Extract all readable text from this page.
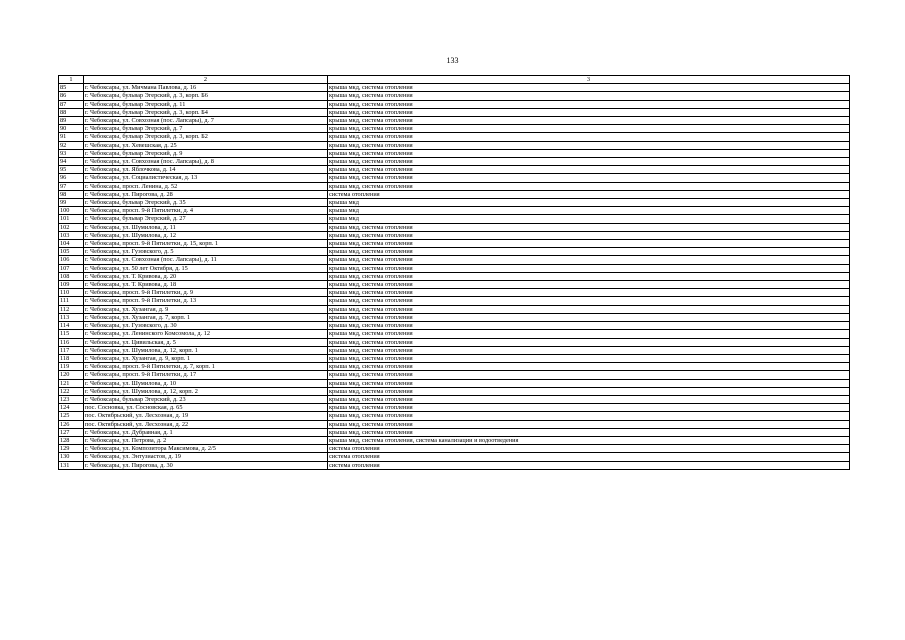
133
1	2	3
85	г. Чебоксары, ул. Мичмана Павлова, д. 16	крыша мкд, система отопления
86	г. Чебоксары, бульвар Эгерский, д. 3, корп. Б6	крыша мкд, система отопления
87	г. Чебоксары, бульвар Эгерский, д. 11	крыша мкд, система отопления
88	г. Чебоксары, бульвар Эгерский, д. 3, корп. Б4	крыша мкд, система отопления
89	г. Чебоксары, ул. Совхозная (пос. Лапсары), д. 7	крыша мкд, система отопления
90	г. Чебоксары, бульвар Эгерский, д. 7	крыша мкд, система отопления
91	г. Чебоксары, бульвар Эгерский, д. 3, корп. Б2	крыша мкд, система отопления
92	г. Чебоксары, ул. Хевешская, д. 25	крыша мкд, система отопления
93	г. Чебоксары, бульвар Эгерский, д. 9	крыша мкд, система отопления
94	г. Чебоксары, ул. Совхозная (пос. Лапсары), д. 8	крыша мкд, система отопления
95	г. Чебоксары, ул. Яблочкова, д. 14	крыша мкд, система отопления
96	г. Чебоксары, ул. Социалистическая, д. 13	крыша мкд, система отопления
97	г. Чебоксары, просп. Ленина, д. 52	крыша мкд, система отопления
98	г. Чебоксары, ул. Пирогова, д. 28	система отопления
99	г. Чебоксары, бульвар Эгерский, д. 35	крыша мкд
100	г. Чебоксары, просп. 9-й Пятилетки, д. 4	крыша мкд
101	г. Чебоксары, бульвар Эгерский, д. 27	крыша мкд
102	г. Чебоксары, ул. Шумилова, д. 11	крыша мкд, система отопления
103	г. Чебоксары, ул. Шумилова, д. 12	крыша мкд, система отопления
104	г. Чебоксары, просп. 9-й Пятилетки, д. 15, корп. 1	крыша мкд, система отопления
105	г. Чебоксары, ул. Гузовского, д. 5	крыша мкд, система отопления
106	г. Чебоксары, ул. Совхозная (пос. Лапсары), д. 11	крыша мкд, система отопления
107	г. Чебоксары, ул. 50 лет Октября, д. 15	крыша мкд, система отопления
108	г. Чебоксары, ул. Т. Кривова, д. 20	крыша мкд, система отопления
109	г. Чебоксары, ул. Т. Кривова, д. 18	крыша мкд, система отопления
110	г. Чебоксары, просп. 9-й Пятилетки, д. 9	крыша мкд, система отопления
111	г. Чебоксары, просп. 9-й Пятилетки, д. 13	крыша мкд, система отопления
112	г. Чебоксары, ул. Хузангая, д. 9	крыша мкд, система отопления
113	г. Чебоксары, ул. Хузангая, д. 7, корп. 1	крыша мкд, система отопления
114	г. Чебоксары, ул. Гузовского, д. 30	крыша мкд, система отопления
115	г. Чебоксары, ул. Ленинского Комсомола, д. 12	крыша мкд, система отопления
116	г. Чебоксары, ул. Цивильская, д. 5	крыша мкд, система отопления
117	г. Чебоксары, ул. Шумилова, д. 12, корп. 1	крыша мкд, система отопления
118	г. Чебоксары, ул. Хузангая, д. 9, корп. 1	крыша мкд, система отопления
119	г. Чебоксары, просп. 9-й Пятилетки, д. 7, корп. 1	крыша мкд, система отопления
120	г. Чебоксары, просп. 9-й Пятилетки, д. 17	крыша мкд, система отопления
121	г. Чебоксары, ул. Шумилова, д. 10	крыша мкд, система отопления
122	г. Чебоксары, ул. Шумилова, д. 12, корп. 2	крыша мкд, система отопления
123	г. Чебоксары, бульвар Эгерский, д. 23	крыша мкд, система отопления
124	пос. Сосновка, ул. Сосновская, д. 65	крыша мкд, система отопления
125	пос. Октябрьский, ул. Лесхозная, д. 19	крыша мкд, система отопления
126	пос. Октябрьский, ул. Лесхозная, д. 22	крыша мкд, система отопления
127	г. Чебоксары, ул. Дубравная, д. 1	крыша мкд, система отопления
128	г. Чебоксары, ул. Петрова, д. 2	крыша мкд, система отопления, система канализации и водоотведения
129	г. Чебоксары, ул. Композитора Максимова, д. 2/5	система отопления
130	г. Чебоксары, ул. Энтузиастов, д. 19	система отопления
131	г. Чебоксары, ул. Пирогова, д. 30	система отопления
